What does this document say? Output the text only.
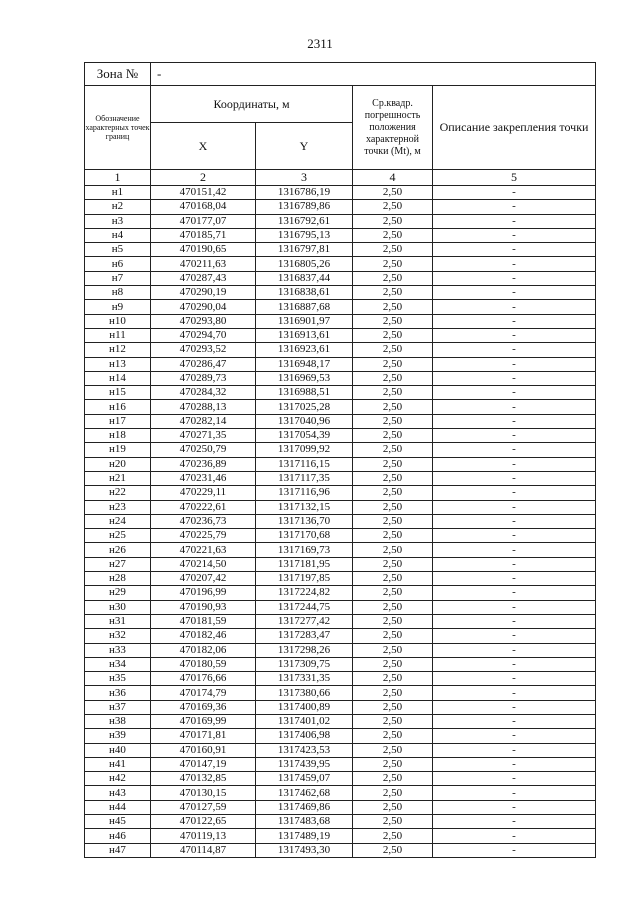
2311
Зона №	-			
Обозначение характерных точек границ	Координаты, м		Ср.квадр. погрешность положения характерной точки (Mt), м	Описание закрепления точки
	X	Y		
1	2	3	4	5
н1	470151,42	1316786,19	2,50	-
н2	470168,04	1316789,86	2,50	-
н3	470177,07	1316792,61	2,50	-
н4	470185,71	1316795,13	2,50	-
н5	470190,65	1316797,81	2,50	-
н6	470211,63	1316805,26	2,50	-
н7	470287,43	1316837,44	2,50	-
н8	470290,19	1316838,61	2,50	-
н9	470290,04	1316887,68	2,50	-
н10	470293,80	1316901,97	2,50	-
н11	470294,70	1316913,61	2,50	-
н12	470293,52	1316923,61	2,50	-
н13	470286,47	1316948,17	2,50	-
н14	470289,73	1316969,53	2,50	-
н15	470284,32	1316988,51	2,50	-
н16	470288,13	1317025,28	2,50	-
н17	470282,14	1317040,96	2,50	-
н18	470271,35	1317054,39	2,50	-
н19	470250,79	1317099,92	2,50	-
н20	470236,89	1317116,15	2,50	-
н21	470231,46	1317117,35	2,50	-
н22	470229,11	1317116,96	2,50	-
н23	470222,61	1317132,15	2,50	-
н24	470236,73	1317136,70	2,50	-
н25	470225,79	1317170,68	2,50	-
н26	470221,63	1317169,73	2,50	-
н27	470214,50	1317181,95	2,50	-
н28	470207,42	1317197,85	2,50	-
н29	470196,99	1317224,82	2,50	-
н30	470190,93	1317244,75	2,50	-
н31	470181,59	1317277,42	2,50	-
н32	470182,46	1317283,47	2,50	-
н33	470182,06	1317298,26	2,50	-
н34	470180,59	1317309,75	2,50	-
н35	470176,66	1317331,35	2,50	-
н36	470174,79	1317380,66	2,50	-
н37	470169,36	1317400,89	2,50	-
н38	470169,99	1317401,02	2,50	-
н39	470171,81	1317406,98	2,50	-
н40	470160,91	1317423,53	2,50	-
н41	470147,19	1317439,95	2,50	-
н42	470132,85	1317459,07	2,50	-
н43	470130,15	1317462,68	2,50	-
н44	470127,59	1317469,86	2,50	-
н45	470122,65	1317483,68	2,50	-
н46	470119,13	1317489,19	2,50	-
н47	470114,87	1317493,30	2,50	-
